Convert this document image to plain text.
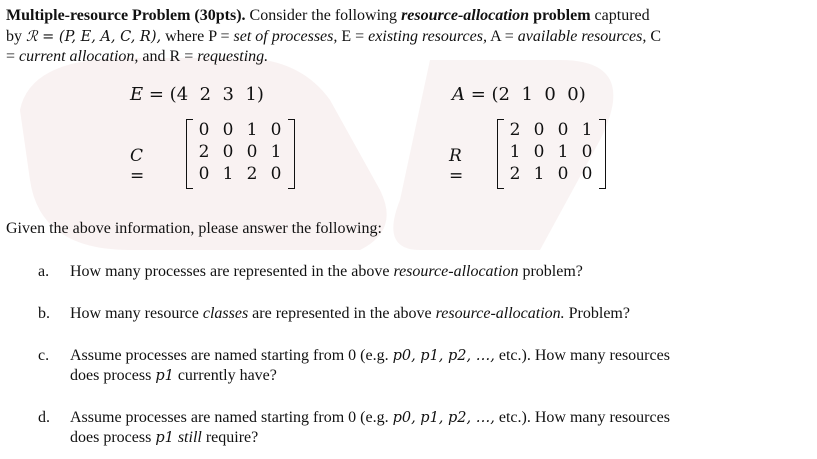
Multiple-resource Problem (30pts). Consider the following resource-allocation problem captured
by ℛ = (P, E, A, C, R), where P = set of processes, E = existing resources, A = available resources, C
= current allocation, and R = requesting.
E = (4  2  3  1)	A = (2  1  0  0)
C =
0 0 1 0
2 0 0 1
0 1 2 0
R =
2 0 0 1
1 0 1 0
2 1 0 0
Given the above information, please answer the following:
a. How many processes are represented in the above resource-allocation problem?
b. How many resource classes are represented in the above resource-allocation. Problem?
c. Assume processes are named starting from 0 (e.g. p0, p1, p2, …, etc.). How many resources
does process p1 currently have?
d. Assume processes are named starting from 0 (e.g. p0, p1, p2, …, etc.). How many resources
does process p1 still require?
